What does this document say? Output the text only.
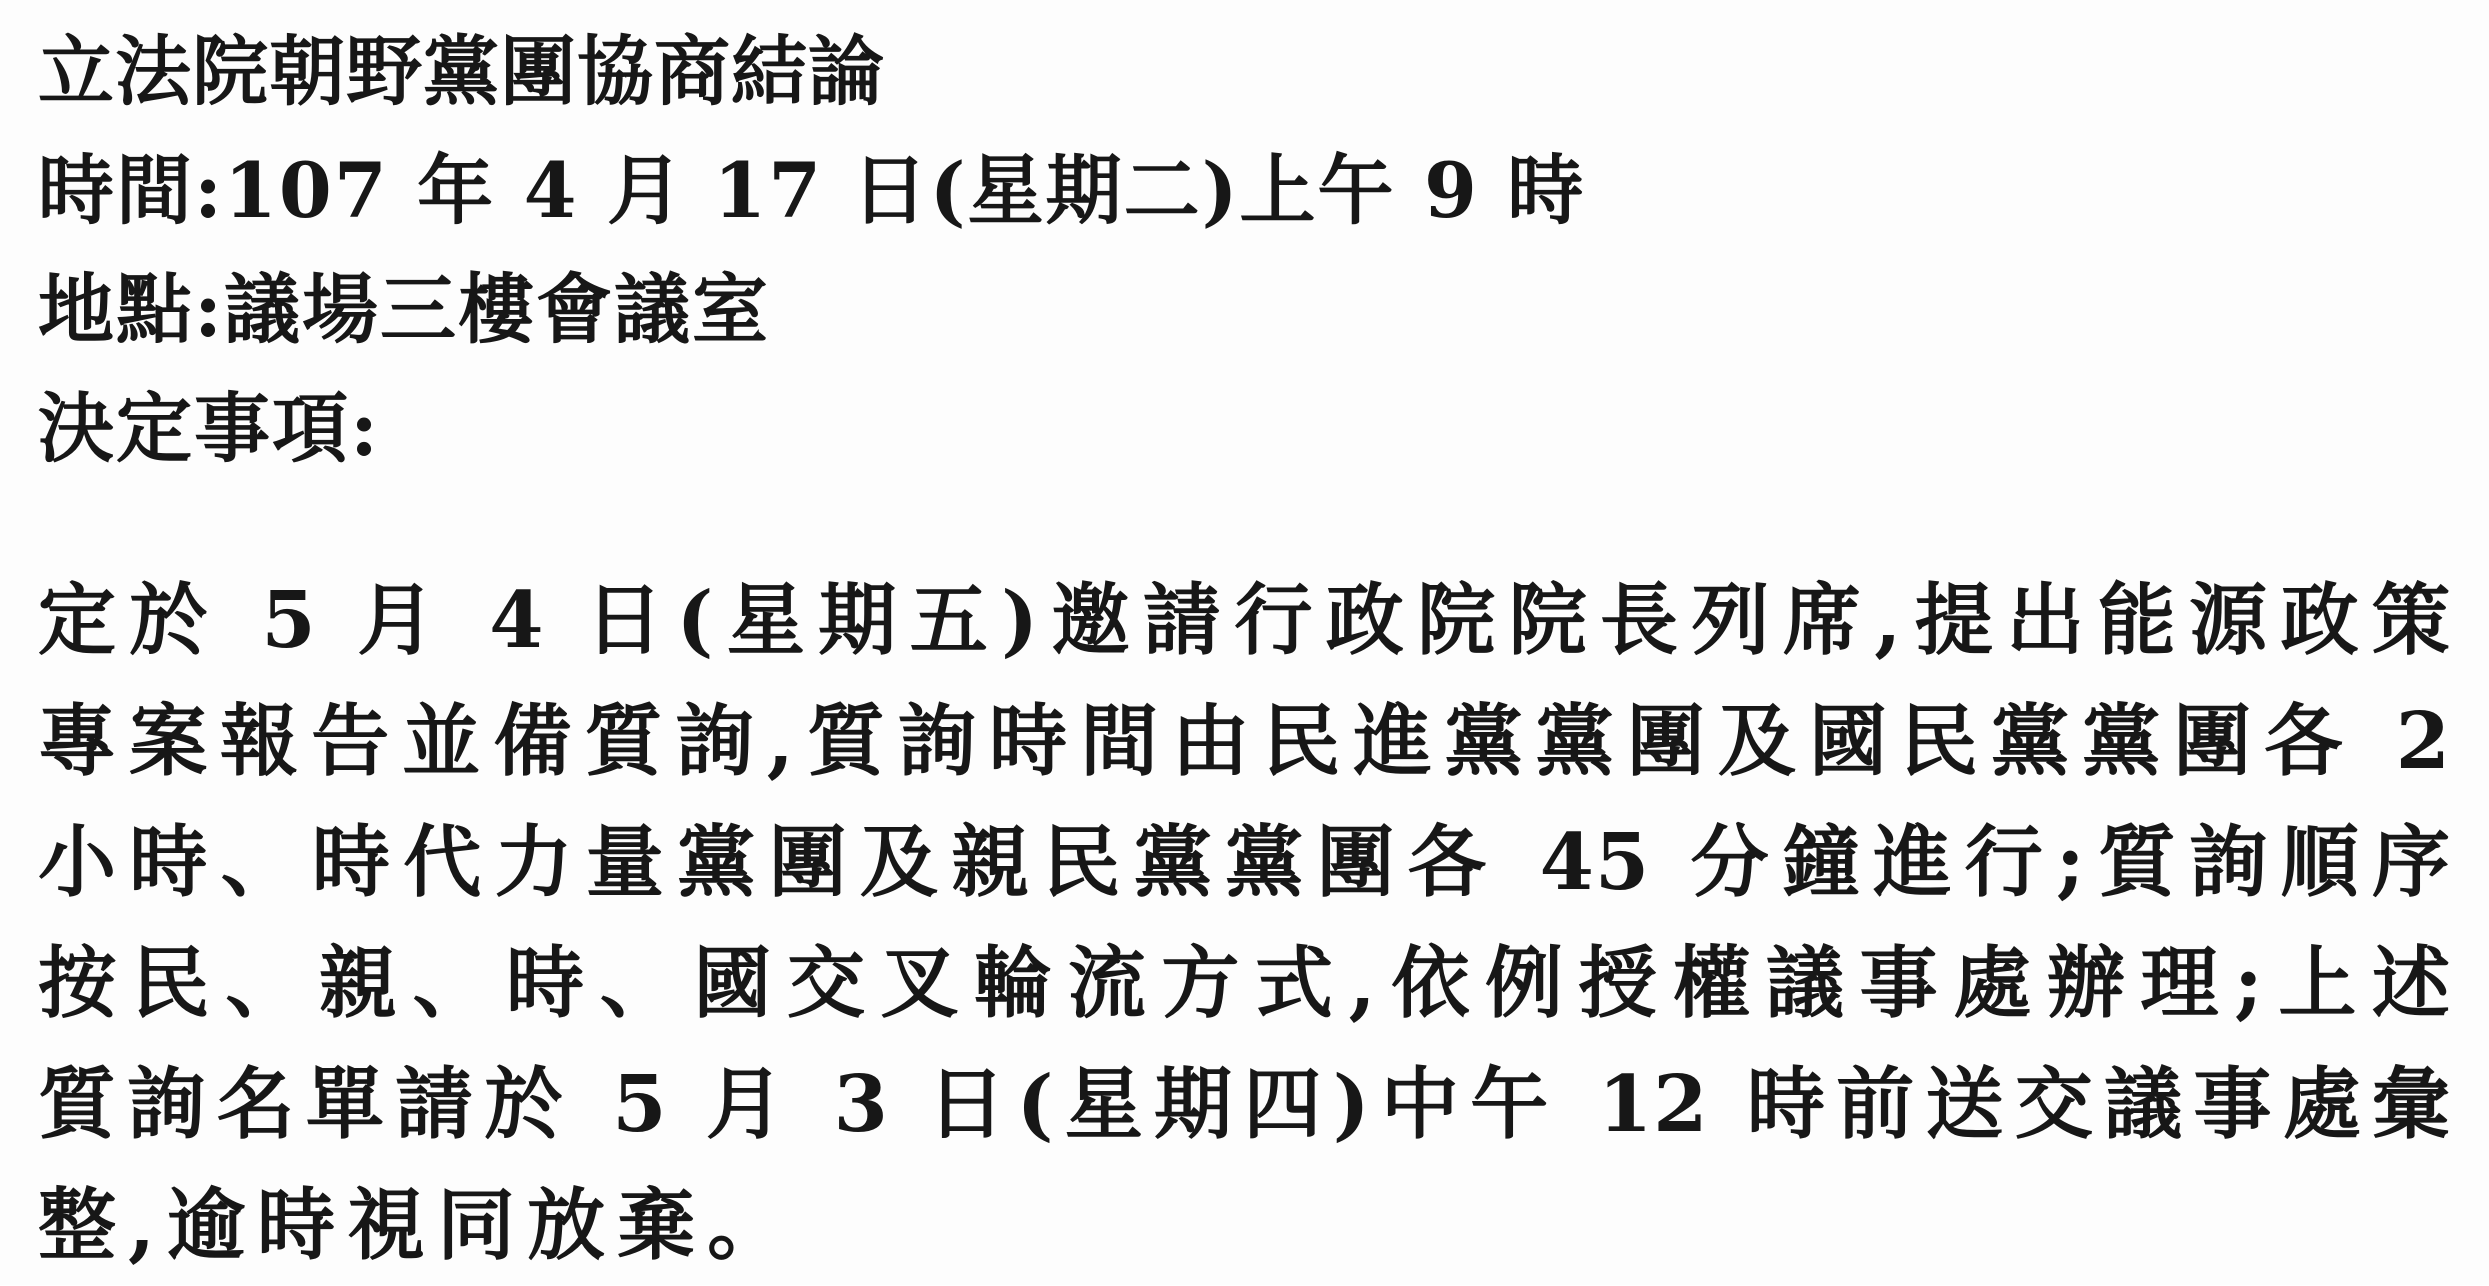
立法院朝野黨團協商結論
時間:107 年 4 月 17 日(星期二)上午 9 時
地點:議場三樓會議室
決定事項:
定於 5 月 4 日(星期五)邀請行政院院長列席,提出能源政策
專案報告並備質詢,質詢時間由民進黨黨團及國民黨黨團各 2
小時、時代力量黨團及親民黨黨團各 45 分鐘進行;質詢順序
按民、親、時、國交叉輪流方式,依例授權議事處辦理;上述
質詢名單請於 5 月 3 日(星期四)中午 12 時前送交議事處彙
整,逾時視同放棄。
